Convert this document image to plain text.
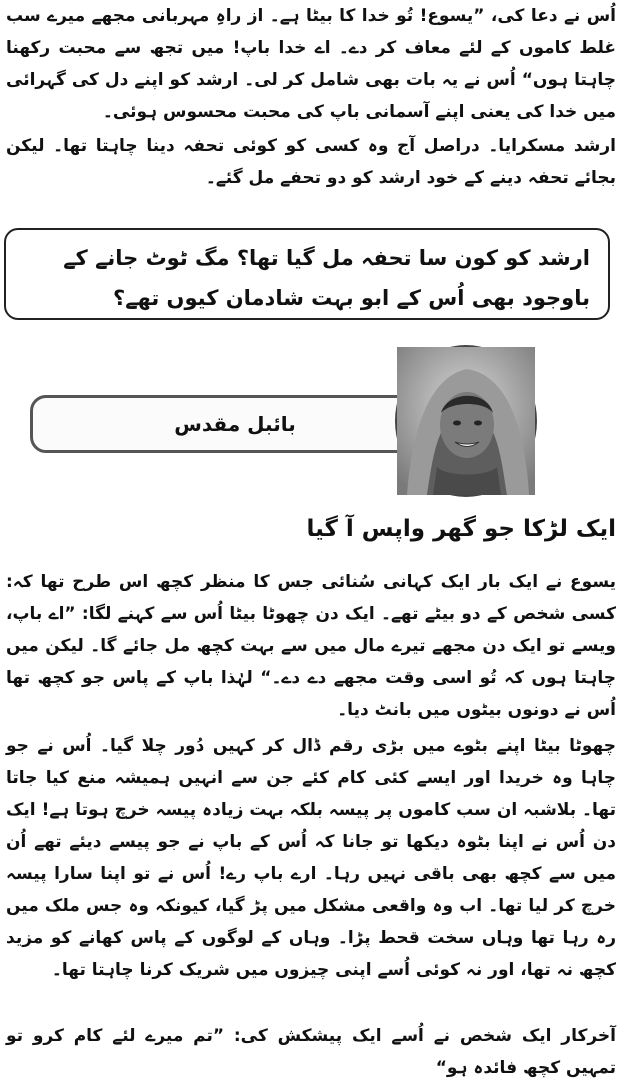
اُس نے دعا کی، ”یسوع! تُو خدا کا بیٹا ہے۔ از راہِ مہربانی مجھے میرے سب غلط کاموں کے لئے معاف کر دے۔ اے خدا باپ! میں تجھ سے محبت رکھنا چاہتا ہوں“ اُس نے یہ بات بھی شامل کر لی۔ ارشد کو اپنے دل کی گہرائی میں خدا کی یعنی اپنے آسمانی باپ کی محبت محسوس ہوئی۔

ارشد مسکرایا۔ دراصل آج وہ کسی کو کوئی تحفہ دینا چاہتا تھا۔ لیکن بجائے تحفہ دینے کے خود ارشد کو دو تحفے مل گئے۔

ارشد کو کون سا تحفہ مل گیا تھا؟ مگ ٹوٹ جانے کے باوجود بھی اُس کے ابو بہت شادمان کیوں تھے؟
بائبل مقدس
ایک لڑکا جو گھر واپس آ گیا

یسوع نے ایک بار ایک کہانی سُنائی جس کا منظر کچھ اس طرح تھا کہ: کسی شخص کے دو بیٹے تھے۔ ایک دن چھوٹا بیٹا اُس سے کہنے لگا: ”اے باپ، ویسے تو ایک دن مجھے تیرے مال میں سے بہت کچھ مل جائے گا۔ لیکن میں چاہتا ہوں کہ تُو اسی وقت مجھے دے دے۔“ لہٰذا باپ کے پاس جو کچھ تھا اُس نے دونوں بیٹوں میں بانٹ دیا۔

چھوٹا بیٹا اپنے بٹوے میں بڑی رقم ڈال کر کہیں دُور چلا گیا۔ اُس نے جو چاہا وہ خریدا اور ایسے کئی کام کئے جن سے انہیں ہمیشہ منع کیا جاتا تھا۔ بلاشبہ ان سب کاموں پر پیسہ بلکہ بہت زیادہ پیسہ خرچ ہوتا ہے! ایک دن اُس نے اپنا بٹوہ دیکھا تو جانا کہ اُس کے باپ نے جو پیسے دیئے تھے اُن میں سے کچھ بھی باقی نہیں رہا۔ ارے باپ رے! اُس نے تو اپنا سارا پیسہ خرچ کر لیا تھا۔ اب وہ واقعی مشکل میں پڑ گیا، کیونکہ وہ جس ملک میں رہ رہا تھا وہاں سخت قحط پڑا۔ وہاں کے لوگوں کے پاس کھانے کو مزید کچھ نہ تھا، اور نہ کوئی اُسے اپنی چیزوں میں شریک کرنا چاہتا تھا۔

آخرکار ایک شخص نے اُسے ایک پیشکش کی: ”تم میرے لئے کام کرو تو تمہیں کچھ فائدہ ہو“
